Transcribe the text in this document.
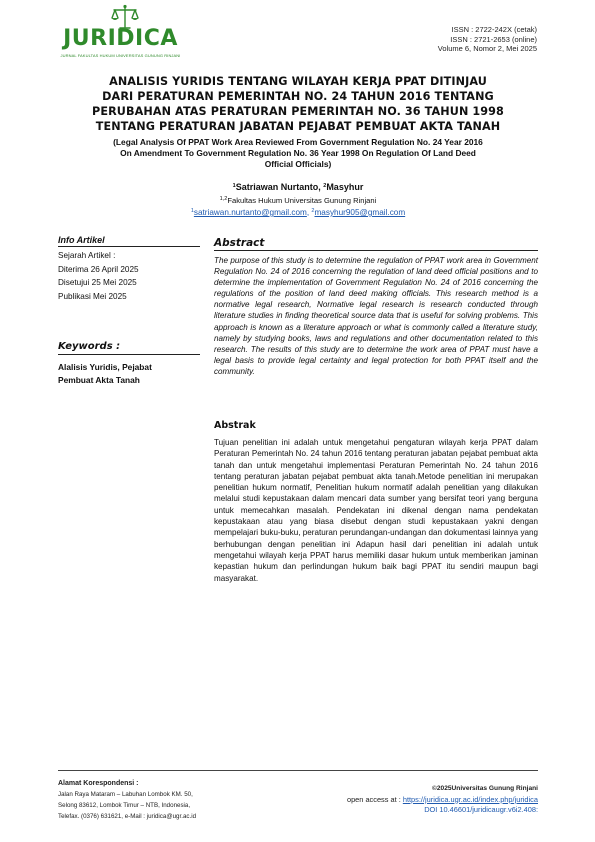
JURIDICA
JURNAL FAKULTAS HUKUM UNIVERSITAS GUNUNG RINJANI
ISSN : 2722-242X (cetak)
ISSN : 2721-2653 (online)
Volume 6, Nomor 2, Mei 2025
ANALISIS YURIDIS TENTANG WILAYAH KERJA PPAT DITINJAU
DARI PERATURAN PEMERINTAH NO. 24 TAHUN 2016 TENTANG
PERUBAHAN ATAS PERATURAN PEMERINTAH NO. 36 TAHUN 1998
TENTANG PERATURAN JABATAN PEJABAT PEMBUAT AKTA TANAH
(Legal Analysis Of PPAT Work Area Reviewed From Government Regulation No. 24 Year 2016
On Amendment To Government Regulation No. 36 Year 1998 On Regulation Of Land Deed
Official Officials)
$^1$Satriawan Nurtanto, $^2$Masyhur
$^{1,2}$Fakultas Hukum Universitas Gunung Rinjani
$^1$satriawan.nurtanto@gmail.com, $^2$masyhur905@gmail.com
Info Artikel
Sejarah Artikel :
Diterima 26 April 2025
Disetujui 25 Mei 2025
Publikasi Mei 2025
Keywords :
Alalisis Yuridis, Pejabat Pembuat Akta Tanah
Abstract
The purpose of this study is to determine the regulation of PPAT work area in Government Regulation No. 24 of 2016 concerning the regulation of land deed official positions and to determine the implementation of Government Regulation No. 24 of 2016 concerning the regulations of the position of land deed making officials. This research method is a normative legal research, Normative legal research is research conducted through literature studies in finding theoretical source data that is useful for solving problems. This approach is known as a literature approach or what is commonly called a literature study, namely by studying books, laws and regulations and other documentation related to this research. The results of this study are to determine the work area of PPAT must have a legal basis to provide legal certainty and legal protection for both PPAT itself and the community.
Abstrak
Tujuan penelitian ini adalah untuk mengetahui pengaturan wilayah kerja PPAT dalam Peraturan Pemerintah No. 24 tahun 2016 tentang peraturan jabatan pejabat pembuat akta tanah dan untuk mengetahui implementasi Peraturan Pemerintah No. 24 tahun 2016 tentang peraturan jabatan pejabat pembuat akta tanah.Metode penelitian ini merupakan penelitian hukum normatif, Penelitian hukum normatif adalah penelitian yang dilakukan melalui studi kepustakaan dalam mencari data sumber yang bersifat teori yang berguna untuk memecahkan masalah. Pendekatan ini dikenal dengan nama pendekatan kepustakaan atau yang biasa disebut dengan studi kepustakaan yakni dengan mempelajari buku-buku, peraturan perundangan-undangan dan dokumentasi lainnya yang berhubungan dengan penelitian ini Adapun hasil dari penelitian ini adalah untuk mengetahui wilayah kerja PPAT harus memiliki dasar hukum untuk memberikan jaminan kepastian hukum dan perlindungan hukum baik bagi PPAT itu sendiri maupun bagi masyarakat.
Alamat Korespondensi :
Jalan Raya Mataram – Labuhan Lombok KM. 50,
Selong 83612, Lombok Timur – NTB, Indonesia,
Telefax. (0376) 631621, e-Mail : juridica@ugr.ac.id
©2025Universitas Gunung Rinjani
open access at : https://juridica.ugr.ac.id/index.php/juridica
DOI 10.46601/juridicaugr.v6i2.408:
